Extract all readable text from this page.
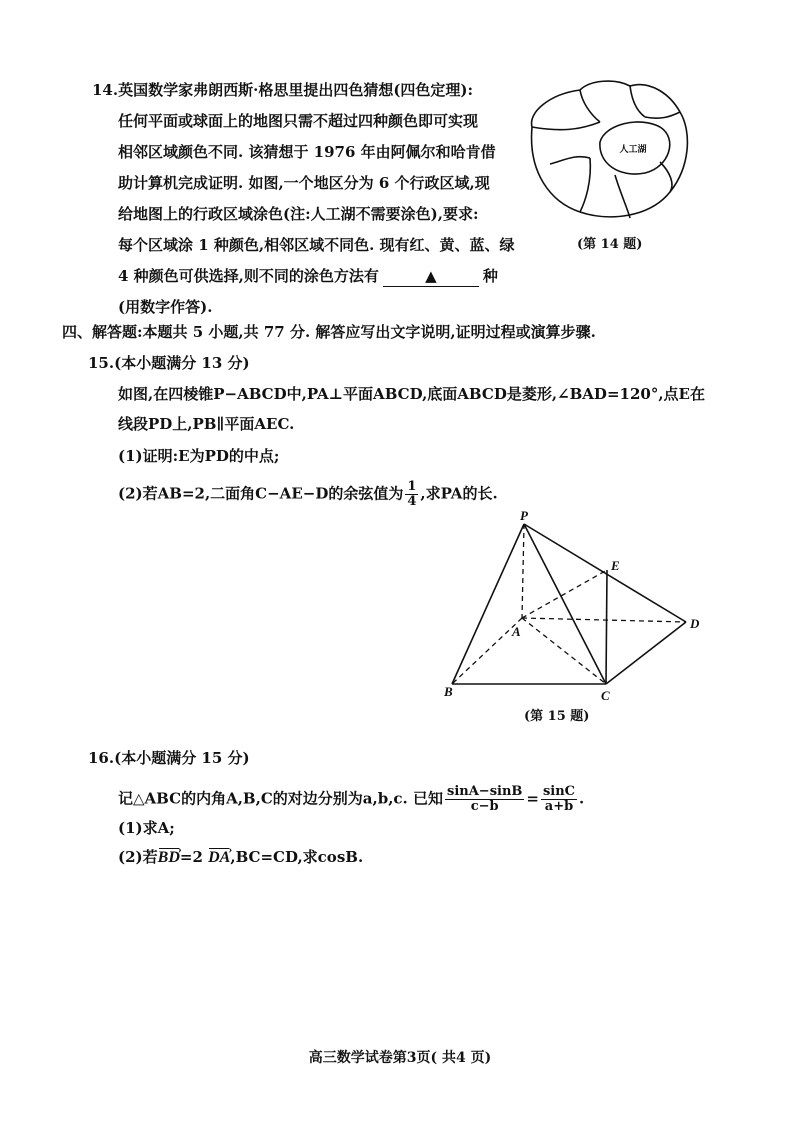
14.英国数学家弗朗西斯·格思里提出四色猜想(四色定理):
任何平面或球面上的地图只需不超过四种颜色即可实现
相邻区域颜色不同. 该猜想于 1976 年由阿佩尔和哈肯借
助计算机完成证明. 如图,一个地区分为 6 个行政区域,现
给地图上的行政区域涂色(注:人工湖不需要涂色),要求:
每个区域涂 1 种颜色,相邻区域不同色. 现有红、黄、蓝、绿
4 种颜色可供选择,则不同的涂色方法有	▲	种
(用数字作答).
人工湖
(第 14 题)
四、解答题:本题共 5 小题,共 77 分. 解答应写出文字说明,证明过程或演算步骤.
15.(本小题满分 13 分)
如图,在四棱锥P−ABCD中,PA⊥平面ABCD,底面ABCD是菱形,∠BAD=120°,点E在
线段PD上,PB∥平面AEC.
(1)证明:E为PD的中点;
(2)若AB=2,二面角C−AE−D的余弦值为 $\frac{1}{4}$ ,求PA的长.
P
E
A
D
B	C
(第 15 题)
16.(本小题满分 15 分)
记△ABC的内角A,B,C的对边分别为a,b,c. 已知 $\frac{\sin A-\sin B}{c-b} = \frac{\sin C}{a+b}$ .
(1)求A;
(2)若BD ›=2 DA ›,BC=CD,求cosB.
高三数学试卷第3页( 共4 页)
